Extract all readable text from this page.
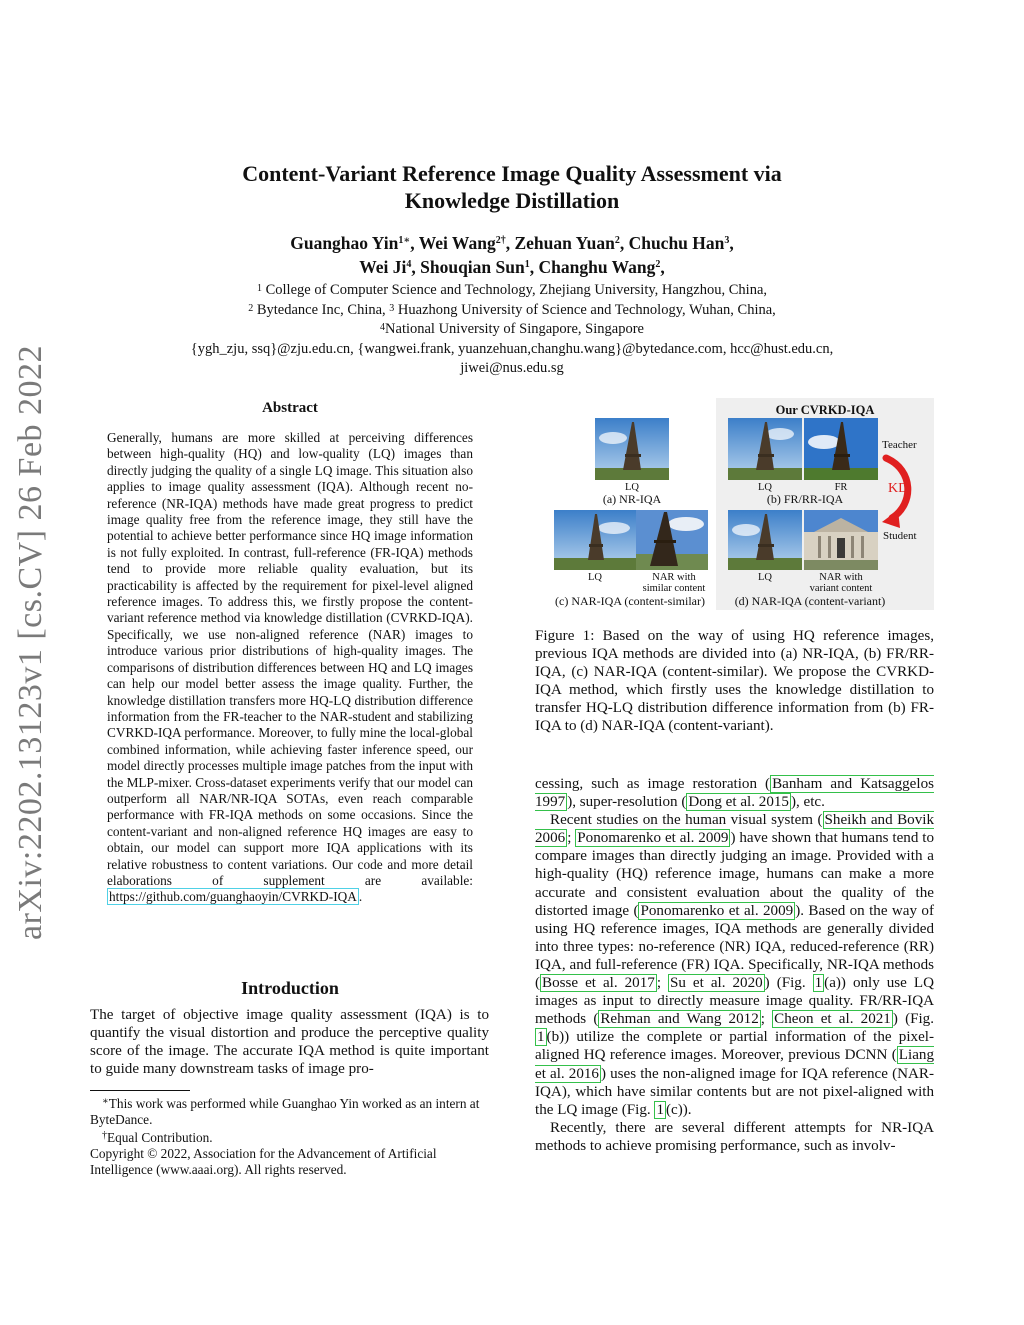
arXiv:2202.13123v1 [cs.CV] 26 Feb 2022
Content-Variant Reference Image Quality Assessment via
Knowledge Distillation
Guanghao Yin$^{1∗}$, Wei Wang$^{2\dagger}$, Zehuan Yuan$^2$, Chuchu Han$^3$,
Wei Ji$^4$, Shouqian Sun$^1$, Changhu Wang$^2$,
$^1$ College of Computer Science and Technology, Zhejiang University, Hangzhou, China,
$^2$ Bytedance Inc, China, $^3$ Huazhong University of Science and Technology, Wuhan, China,
$^4$National University of Singapore, Singapore
{ygh_zju, ssq}@zju.edu.cn, {wangwei.frank, yuanzehuan,changhu.wang}@bytedance.com, hcc@hust.edu.cn,
jiwei@nus.edu.sg
Abstract
Generally, humans are more skilled at perceiving differences between high-quality (HQ) and low-quality (LQ) images than directly judging the quality of a single LQ image. This situation also applies to image quality assessment (IQA). Although recent no-reference (NR-IQA) methods have made great progress to predict image quality free from the reference image, they still have the potential to achieve better performance since HQ image information is not fully exploited. In contrast, full-reference (FR-IQA) methods tend to provide more reliable quality evaluation, but its practicability is affected by the requirement for pixel-level aligned reference images. To address this, we firstly propose the content-variant reference method via knowledge distillation (CVRKD-IQA). Specifically, we use non-aligned reference (NAR) images to introduce various prior distributions of high-quality images. The comparisons of distribution differences between HQ and LQ images can help our model better assess the image quality. Further, the knowledge distillation transfers more HQ-LQ distribution difference information from the FR-teacher to the NAR-student and stabilizing CVRKD-IQA performance. Moreover, to fully mine the local-global combined information, while achieving faster inference speed, our model directly processes multiple image patches from the input with the MLP-mixer. Cross-dataset experiments verify that our model can outperform all NAR/NR-IQA SOTAs, even reach comparable performance with FR-IQA methods on some occasions. Since the content-variant and non-aligned reference HQ images are easy to obtain, our model can support more IQA applications with its relative robustness to content variations. Our code and more detail elaborations of supplement are available: https://github.com/guanghaoyin/CVRKD-IQA .
Introduction
The target of objective image quality assessment (IQA) is to quantify the visual distortion and produce the perceptive quality score of the image. The accurate IQA method is quite important to guide many downstream tasks of image pro-
∗This work was performed while Guanghao Yin worked as an intern at ByteDance.
†Equal Contribution.
Copyright © 2022, Association for the Advancement of Artificial Intelligence (www.aaai.org). All rights reserved.
Our CVRKD-IQA
Teacher
KD
Student
LQ
(a) NR-IQA
LQ	FR
(b) FR/RR-IQA
LQ	NAR with
similar content
(c) NAR-IQA (content-similar)
LQ	NAR with
variant content
(d) NAR-IQA (content-variant)
Figure 1: Based on the way of using HQ reference images, previous IQA methods are divided into (a) NR-IQA, (b) FR/RR-IQA, (c) NAR-IQA (content-similar). We propose the CVRKD-IQA method, which firstly uses the knowledge distillation to transfer HQ-LQ distribution difference information from (b) FR-IQA to (d) NAR-IQA (content-variant).
cessing, such as image restoration ( Banham and Katsaggelos 1997 ), super-resolution ( Dong et al. 2015 ), etc.
Recent studies on the human visual system ( Sheikh and Bovik 2006 ; Ponomarenko et al. 2009 ) have shown that humans tend to compare images than directly judging an image. Provided with a high-quality (HQ) reference image, humans can make a more accurate and consistent evaluation about the quality of the distorted image ( Ponomarenko et al. 2009 ). Based on the way of using HQ reference images, IQA methods are generally divided into three types: no-reference (NR) IQA, reduced-reference (RR) IQA, and full-reference (FR) IQA. Specifically, NR-IQA methods ( Bosse et al. 2017 ; Su et al. 2020 ) (Fig. 1 (a)) only use LQ images as input to directly measure image quality. FR/RR-IQA methods ( Rehman and Wang 2012 ; Cheon et al. 2021 ) (Fig. 1 (b)) utilize the complete or partial information of the pixel-aligned HQ reference images. Moreover, previous DCNN ( Liang et al. 2016 ) uses the non-aligned image for IQA reference (NAR-IQA), which have similar contents but are not pixel-aligned with the LQ image (Fig. 1 (c)).
Recently, there are several different attempts for NR-IQA methods to achieve promising performance, such as involv-
